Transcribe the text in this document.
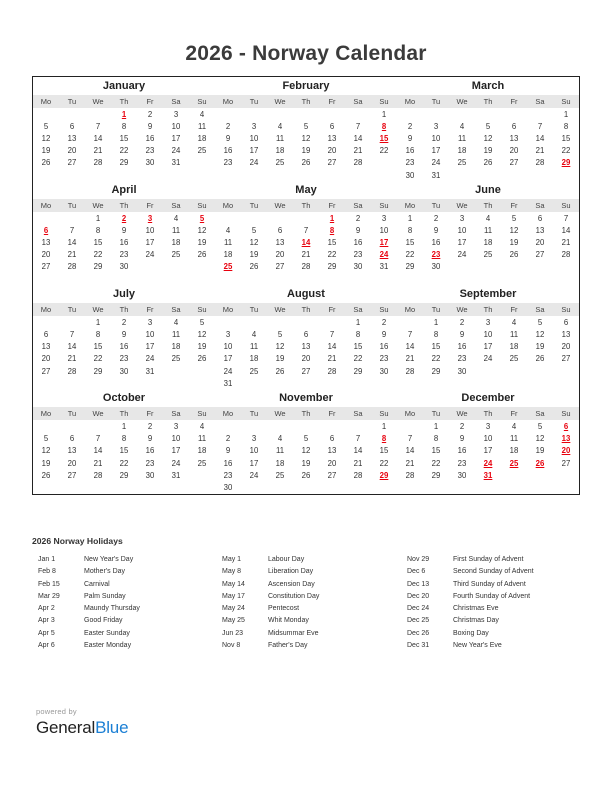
2026 - Norway Calendar
January
Mo	Tu	We	Th	Fr	Sa	Su
			1	2	3	4
5	6	7	8	9	10	11
12	13	14	15	16	17	18
19	20	21	22	23	24	25
26	27	28	29	30	31	

February
Mo	Tu	We	Th	Fr	Sa	Su
						1
2	3	4	5	6	7	8
9	10	11	12	13	14	15
16	17	18	19	20	21	22
23	24	25	26	27	28	

March
Mo	Tu	We	Th	Fr	Sa	Su
						1
2	3	4	5	6	7	8
9	10	11	12	13	14	15
16	17	18	19	20	21	22
23	24	25	26	27	28	29
30	31					
April
Mo	Tu	We	Th	Fr	Sa	Su
		1	2	3	4	5
6	7	8	9	10	11	12
13	14	15	16	17	18	19
20	21	22	23	24	25	26
27	28	29	30			

May
Mo	Tu	We	Th	Fr	Sa	Su
				1	2	3
4	5	6	7	8	9	10
11	12	13	14	15	16	17
18	19	20	21	22	23	24
25	26	27	28	29	30	31

June
Mo	Tu	We	Th	Fr	Sa	Su
1	2	3	4	5	6	7
8	9	10	11	12	13	14
15	16	17	18	19	20	21
22	23	24	25	26	27	28
29	30					

July
Mo	Tu	We	Th	Fr	Sa	Su
		1	2	3	4	5
6	7	8	9	10	11	12
13	14	15	16	17	18	19
20	21	22	23	24	25	26
27	28	29	30	31		

August
Mo	Tu	We	Th	Fr	Sa	Su
					1	2
3	4	5	6	7	8	9
10	11	12	13	14	15	16
17	18	19	20	21	22	23
24	25	26	27	28	29	30
31						
September
Mo	Tu	We	Th	Fr	Sa	Su
	1	2	3	4	5	6
7	8	9	10	11	12	13
14	15	16	17	18	19	20
21	22	23	24	25	26	27
28	29	30				

October
Mo	Tu	We	Th	Fr	Sa	Su
			1	2	3	4
5	6	7	8	9	10	11
12	13	14	15	16	17	18
19	20	21	22	23	24	25
26	27	28	29	30	31	

November
Mo	Tu	We	Th	Fr	Sa	Su
						1
2	3	4	5	6	7	8
9	10	11	12	13	14	15
16	17	18	19	20	21	22
23	24	25	26	27	28	29
30						
December
Mo	Tu	We	Th	Fr	Sa	Su
	1	2	3	4	5	6
7	8	9	10	11	12	13
14	15	16	17	18	19	20
21	22	23	24	25	26	27
28	29	30	31			

2026 Norway Holidays
Jan 1	New Year's Day
Feb 8	Mother's Day
Feb 15	Carnival
Mar 29	Palm Sunday
Apr 2	Maundy Thursday
Apr 3	Good Friday
Apr 5	Easter Sunday
Apr 6	Easter Monday
May 1	Labour Day
May 8	Liberation Day
May 14	Ascension Day
May 17	Constitution Day
May 24	Pentecost
May 25	Whit Monday
Jun 23	Midsummar Eve
Nov 8	Father's Day
Nov 29	First Sunday of Advent
Dec 6	Second Sunday of Advent
Dec 13	Third Sunday of Advent
Dec 20	Fourth Sunday of Advent
Dec 24	Christmas Eve
Dec 25	Christmas Day
Dec 26	Boxing Day
Dec 31	New Year's Eve
powered by
GeneralBlue
